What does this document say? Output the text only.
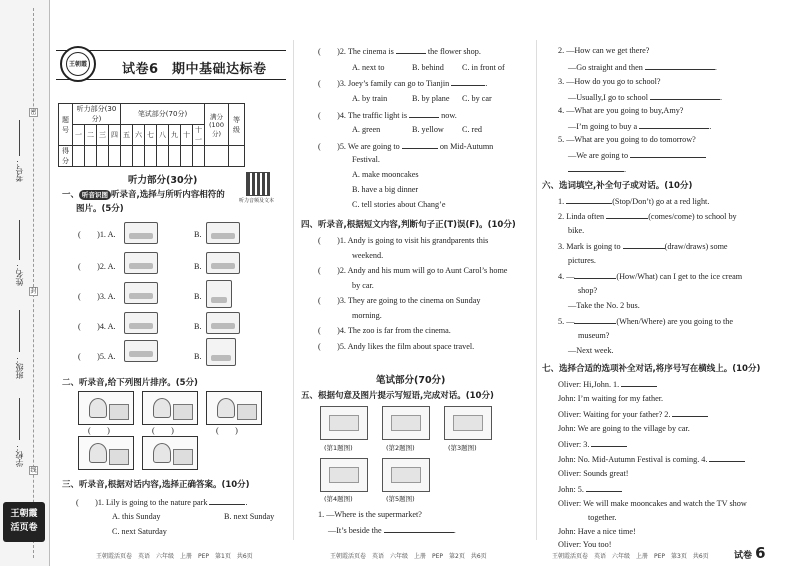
考号：
姓名：
班级：
学校：
密
封
线
王朝霞
活页卷
王朝霞	试卷6　期中基础达标卷
题号	听力部分(30分)				笔试部分(70分)							满分(100分)	等级
	一	二	三	四	五	六	七	八	九	十	十一		
得分													
听力部分(30分)
听力音频及文本
一、 听音识图 听录音,选择与所听内容相符的
图片。(5分)
(　　)1. A.	B.
(　　)2. A.	B.
(　　)3. A.	B.
(　　)4. A.	B.
(　　)5. A.	B.
二、听录音,给下列图片排序。(5分)
(　　)	(　　)	(　　)
三、听录音,根据对话内容,选择正确答案。(10分)
(　　)1. Lily is going to the nature park	.
A. this Sunday	B. next Sunday
C. next Saturday
王朝霞活页卷　英语　六年级　上册　PEP　第1页　共6页
(　　)2. The cinema is	the flower shop.
A. next to	B. behind C. in front of
(　　)3. Joey’s family can go to Tianjin	.
A. by train	B. by plane C. by car
(　　)4. The traffic light is	now.
A. green	B. yellow C. red
(　　)5. We are going to	on Mid-Autumn
Festival.
A. make mooncakes
B. have a big dinner
C. tell stories about Chang’e
四、听录音,根据短文内容,判断句子正(T)误(F)。(10分)
(　　)1. Andy is going to visit his grandparents this
weekend.
(　　)2. Andy and his mum will go to Aunt Carol’s home
by car.
(　　)3. They are going to the cinema on Sunday
morning.
(　　)4. The zoo is far from the cinema.
(　　)5. Andy likes the film about space travel.
笔试部分(70分)
五、根据句意及图片提示写短语,完成对话。(10分)
(第1题图)	(第2题图)	(第3题图)
(第4题图)	(第5题图)
1. —Where is the supermarket?
—It’s beside the	.
王朝霞活页卷　英语　六年级　上册　PEP　第2页　共6页
2. —How can we get there?
—Go straight and then	.
3. —How do you go to school?
—Usually,I go to school	.
4. —What are you going to buy,Amy?
—I’m going to buy a	.
5. —What are you going to do tomorrow?
—We are going to
.
六、选词填空,补全句子或对话。(10分)
1.	(Stop/Don’t) go at a red light.
2. Linda often	(comes/come) to school by
bike.
3. Mark is going to	(draw/draws) some
pictures.
4. —	(How/What) can I get to the ice cream
shop?
—Take the No. 2 bus.
5. —	(When/Where) are you going to the
museum?
—Next week.
七、选择合适的选项补全对话,将序号写在横线上。(10分)
Oliver: Hi,John. 1.
John: I’m waiting for my father.
Oliver: Waiting for your father? 2.
John: We are going to the village by car.
Oliver: 3.
John: No. Mid-Autumn Festival is coming. 4.
Oliver: Sounds great!
John: 5.
Oliver: We will make mooncakes and watch the TV show
together.
John: Have a nice time!
王朝霞活页卷　英语　六年级　上册　PEP　第3页　共6页	试卷 6
Oliver: You too!
